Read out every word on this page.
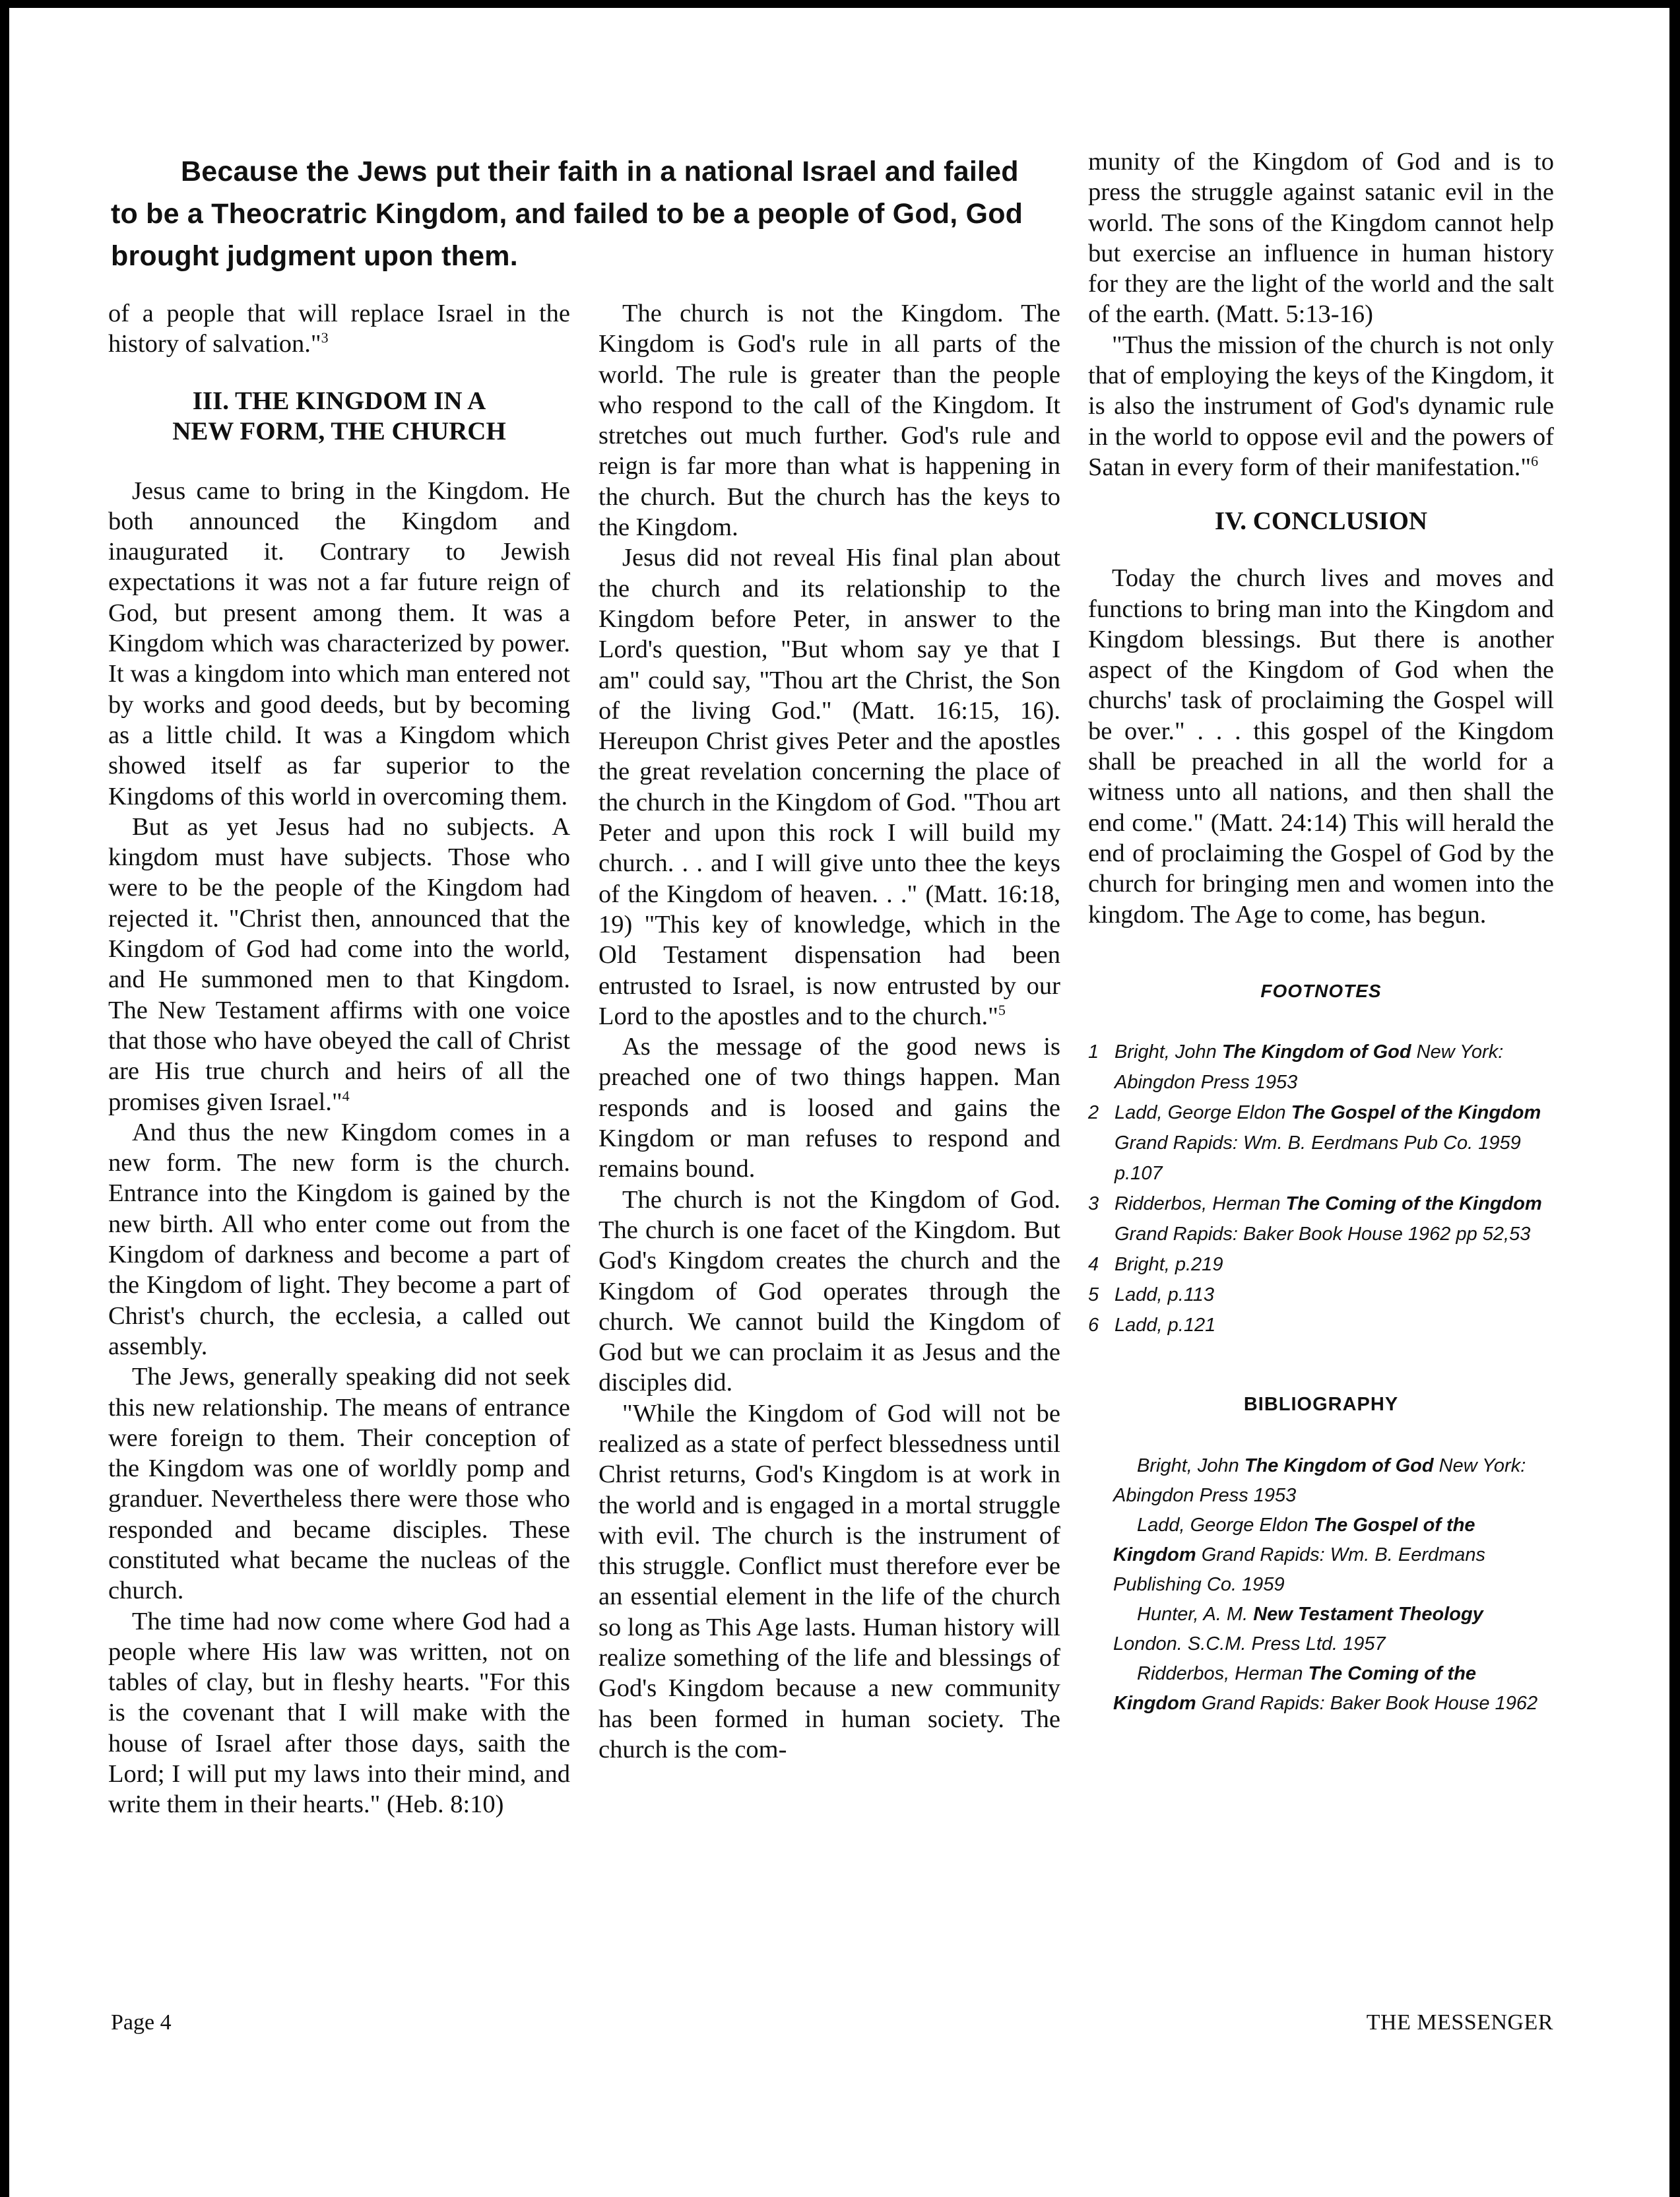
Because the Jews put their faith in a national Israel and failed to be a Theocratric Kingdom, and failed to be a people of God, God brought judgment upon them.

of a people that will replace Israel in the history of salvation."$^3$

III. THE KINGDOM IN A
NEW FORM, THE CHURCH

Jesus came to bring in the Kingdom. He both announced the Kingdom and inaugurated it. Contrary to Jewish expectations it was not a far future reign of God, but present among them. It was a Kingdom which was characterized by power. It was a kingdom into which man entered not by works and good deeds, but by becoming as a little child. It was a Kingdom which showed itself as far superior to the Kingdoms of this world in overcoming them.

But as yet Jesus had no subjects. A kingdom must have subjects. Those who were to be the people of the Kingdom had rejected it. "Christ then, announced that the Kingdom of God had come into the world, and He summoned men to that Kingdom. The New Testament affirms with one voice that those who have obeyed the call of Christ are His true church and heirs of all the promises given Israel."$^4$

And thus the new Kingdom comes in a new form. The new form is the church. Entrance into the Kingdom is gained by the new birth. All who enter come out from the Kingdom of darkness and become a part of the Kingdom of light. They become a part of Christ's church, the ecclesia, a called out assembly.

The Jews, generally speaking did not seek this new relationship. The means of entrance were foreign to them. Their conception of the Kingdom was one of worldly pomp and granduer. Nevertheless there were those who responded and became disciples. These constituted what became the nucleas of the church.

The time had now come where God had a people where His law was written, not on tables of clay, but in fleshy hearts. "For this is the covenant that I will make with the house of Israel after those days, saith the Lord; I will put my laws into their mind, and write them in their hearts." (Heb. 8:10)

The church is not the Kingdom. The Kingdom is God's rule in all parts of the world. The rule is greater than the people who respond to the call of the Kingdom. It stretches out much further. God's rule and reign is far more than what is happening in the church. But the church has the keys to the Kingdom.

Jesus did not reveal His final plan about the church and its relationship to the Kingdom before Peter, in answer to the Lord's question, "But whom say ye that I am" could say, "Thou art the Christ, the Son of the living God." (Matt. 16:15, 16). Hereupon Christ gives Peter and the apostles the great revelation concerning the place of the church in the Kingdom of God. "Thou art Peter and upon this rock I will build my church. . . and I will give unto thee the keys of the Kingdom of heaven. . ." (Matt. 16:18, 19) "This key of knowledge, which in the Old Testament dispensation had been entrusted to Israel, is now entrusted by our Lord to the apostles and to the church."$^5$

As the message of the good news is preached one of two things happen. Man responds and is loosed and gains the Kingdom or man refuses to respond and remains bound.

The church is not the Kingdom of God. The church is one facet of the Kingdom. But God's Kingdom creates the church and the Kingdom of God operates through the church. We cannot build the Kingdom of God but we can proclaim it as Jesus and the disciples did.

"While the Kingdom of God will not be realized as a state of perfect blessedness until Christ returns, God's Kingdom is at work in the world and is engaged in a mortal struggle with evil. The church is the instrument of this struggle. Conflict must therefore ever be an essential element in the life of the church so long as This Age lasts. Human history will realize something of the life and blessings of God's Kingdom because a new community has been formed in human society. The church is the com-

munity of the Kingdom of God and is to press the struggle against satanic evil in the world. The sons of the Kingdom cannot help but exercise an influence in human history for they are the light of the world and the salt of the earth. (Matt. 5:13-16)

"Thus the mission of the church is not only that of employing the keys of the Kingdom, it is also the instrument of God's dynamic rule in the world to oppose evil and the powers of Satan in every form of their manifestation."$^6$

IV. CONCLUSION

Today the church lives and moves and functions to bring man into the Kingdom and Kingdom blessings. But there is another aspect of the Kingdom of God when the churchs' task of proclaiming the Gospel will be over." . . . this gospel of the Kingdom shall be preached in all the world for a witness unto all nations, and then shall the end come." (Matt. 24:14) This will herald the end of proclaiming the Gospel of God by the church for bringing men and women into the kingdom. The Age to come, has begun.

FOOTNOTES
1 Bright, John The Kingdom of God New York: Abingdon Press 1953
2 Ladd, George Eldon The Gospel of the Kingdom Grand Rapids: Wm. B. Eerdmans Pub Co. 1959 p.107
3 Ridderbos, Herman The Coming of the Kingdom Grand Rapids: Baker Book House 1962 pp 52,53
4 Bright, p.219
5 Ladd, p.113
6 Ladd, p.121
BIBLIOGRAPHY

Bright, John The Kingdom of God New York: Abingdon Press 1953

Ladd, George Eldon The Gospel of the Kingdom Grand Rapids: Wm. B. Eerdmans Publishing Co. 1959

Hunter, A. M. New Testament Theology London. S.C.M. Press Ltd. 1957

Ridderbos, Herman The Coming of the Kingdom Grand Rapids: Baker Book House 1962

Page 4	THE MESSENGER
